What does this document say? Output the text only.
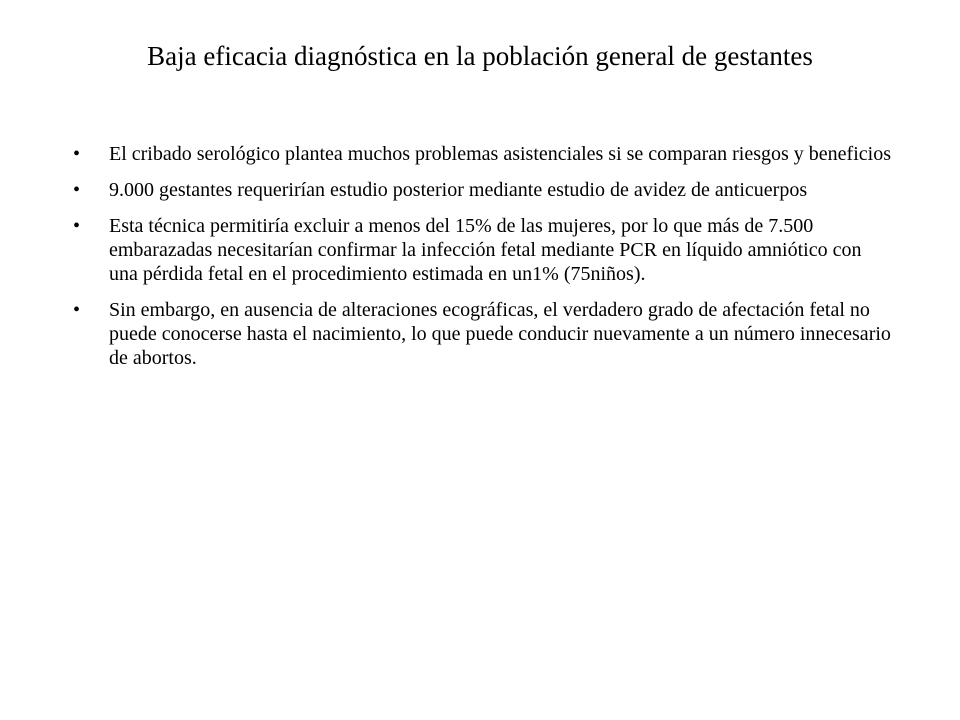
Baja eficacia diagnóstica en la población general de gestantes
•	El cribado serológico plantea muchos problemas asistenciales si se comparan riesgos y beneficios
•	9.000 gestantes requerirían estudio posterior mediante estudio de avidez de anticuerpos
•	Esta técnica permitiría excluir a menos del 15% de las mujeres, por lo que más de 7.500 embarazadas necesitarían confirmar la infección fetal mediante PCR en líquido amniótico con una pérdida fetal en el procedimiento estimada en un1% (75niños).
•	Sin embargo, en ausencia de alteraciones ecográficas, el verdadero grado de afectación fetal no puede conocerse hasta el nacimiento, lo que puede conducir nuevamente a un número innecesario de abortos.
